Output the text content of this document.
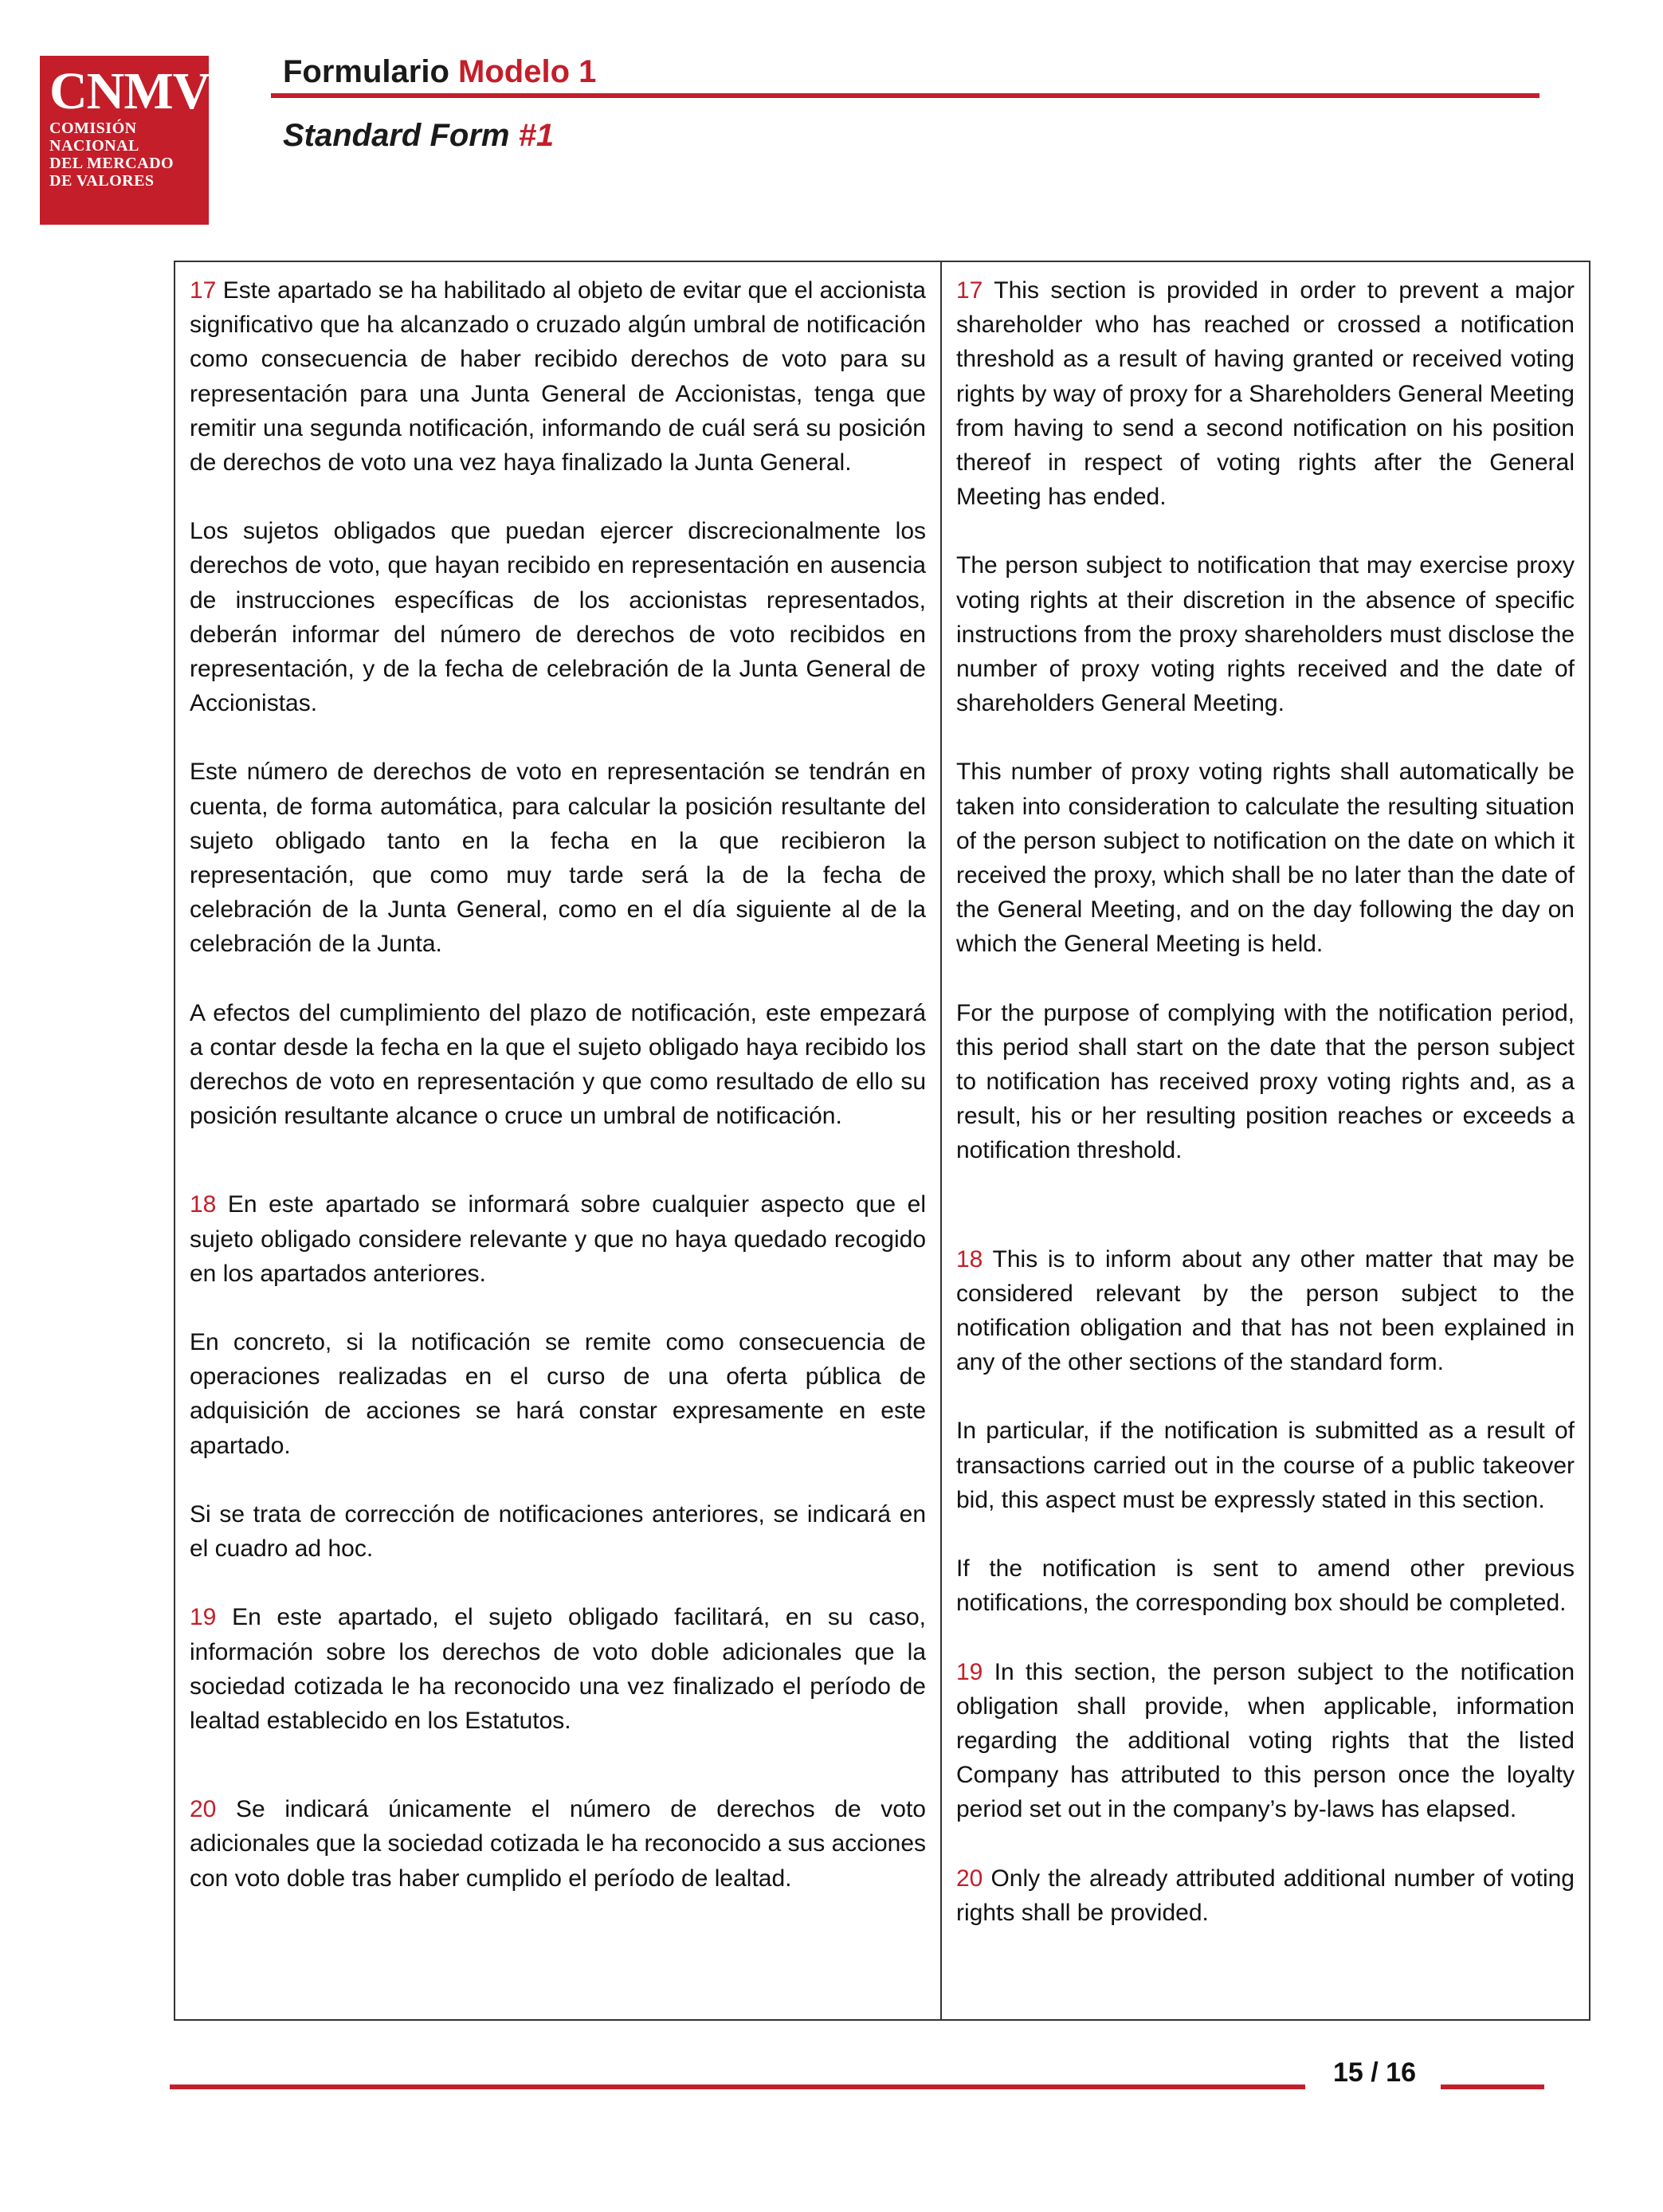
CNMV
COMISIÓN
NACIONAL
DEL MERCADO
DE VALORES
Formulario Modelo 1
Standard Form #1

17 Este apartado se ha habilitado al objeto de evitar que el accionista significativo que ha alcanzado o cruzado algún umbral de notificación como consecuencia de haber recibido derechos de voto para su representación para una Junta General de Accionistas, tenga que remitir una segunda notificación, informando de cuál será su posición de derechos de voto una vez haya finalizado la Junta General.

Los sujetos obligados que puedan ejercer discrecionalmente los derechos de voto, que hayan recibido en representación en ausencia de instrucciones específicas de los accionistas representados, deberán informar del número de derechos de voto recibidos en representación, y de la fecha de celebración de la Junta General de Accionistas.

Este número de derechos de voto en representación se tendrán en cuenta, de forma automática, para calcular la posición resultante del sujeto obligado tanto en la fecha en la que recibieron la representación, que como muy tarde será la de la fecha de celebración de la Junta General, como en el día siguiente al de la celebración de la Junta.

A efectos del cumplimiento del plazo de notificación, este empezará a contar desde la fecha en la que el sujeto obligado haya recibido los derechos de voto en representación y que como resultado de ello su posición resultante alcance o cruce un umbral de notificación.

18 En este apartado se informará sobre cualquier aspecto que el sujeto obligado considere relevante y que no haya quedado recogido en los apartados anteriores.

En concreto, si la notificación se remite como consecuencia de operaciones realizadas en el curso de una oferta pública de adquisición de acciones se hará constar expresamente en este apartado.

Si se trata de corrección de notificaciones anteriores, se indicará en el cuadro ad hoc.

19 En este apartado, el sujeto obligado facilitará, en su caso, información sobre los derechos de voto doble adicionales que la sociedad cotizada le ha reconocido una vez finalizado el período de lealtad establecido en los Estatutos.

20 Se indicará únicamente el número de derechos de voto adicionales que la sociedad cotizada le ha reconocido a sus acciones con voto doble tras haber cumplido el período de lealtad.

17 This section is provided in order to prevent a major shareholder who has reached or crossed a notification threshold as a result of having granted or received voting rights by way of proxy for a Shareholders General Meeting from having to send a second notification on his position thereof in respect of voting rights after the General Meeting has ended.

The person subject to notification that may exercise proxy voting rights at their discretion in the absence of specific instructions from the proxy shareholders must disclose the number of proxy voting rights received and the date of shareholders General Meeting.

This number of proxy voting rights shall automatically be taken into consideration to calculate the resulting situation of the person subject to notification on the date on which it received the proxy, which shall be no later than the date of the General Meeting, and on the day following the day on which the General Meeting is held.

For the purpose of complying with the notification period, this period shall start on the date that the person subject to notification has received proxy voting rights and, as a result, his or her resulting position reaches or exceeds a notification threshold.

18 This is to inform about any other matter that may be considered relevant by the person subject to the notification obligation and that has not been explained in any of the other sections of the standard form.

In particular, if the notification is submitted as a result of transactions carried out in the course of a public takeover bid, this aspect must be expressly stated in this section.

If the notification is sent to amend other previous notifications, the corresponding box should be completed.

19 In this section, the person subject to the notification obligation shall provide, when applicable, information regarding the additional voting rights that the listed Company has attributed to this person once the loyalty period set out in the company’s by-laws has elapsed.

20 Only the already attributed additional number of voting rights shall be provided.

15 / 16
